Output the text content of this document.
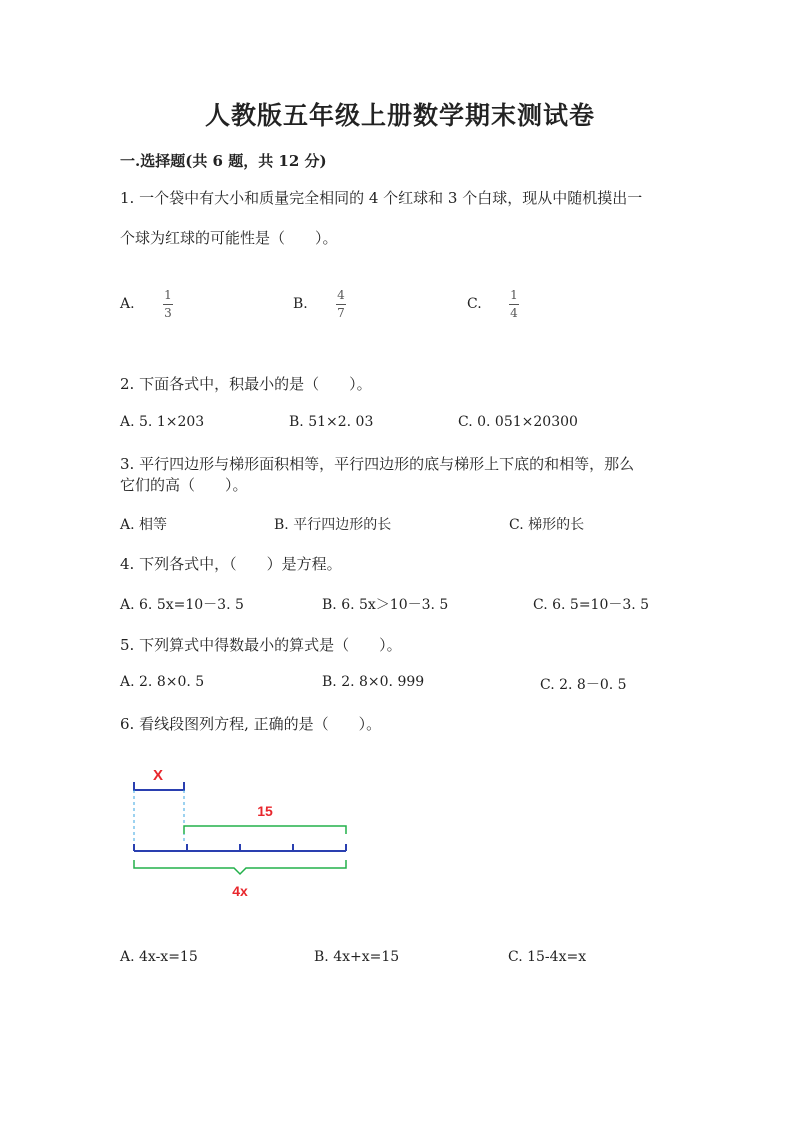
人教版五年级上册数学期末测试卷
一.选择题(共 6 题，共 12 分)
1. 一个袋中有大小和质量完全相同的 4 个红球和 3 个白球，现从中随机摸出一
个球为红球的可能性是（　　）。
A.
1
3
B.
4
7
C.
1
4
2. 下面各式中，积最小的是（　　）。
A. 5. 1×203	B. 51×2. 03	C. 0. 051×20300
3. 平行四边形与梯形面积相等，平行四边形的底与梯形上下底的和相等，那么
它们的高（　　）。
A. 相等	B. 平行四边形的长	C. 梯形的长
4. 下列各式中，（　　）是方程。
A. 6. 5x=10－3. 5	B. 6. 5x＞10－3. 5	C. 6. 5=10－3. 5
5. 下列算式中得数最小的算式是（　　）。
A. 2. 8×0. 5	B. 2. 8×0. 999	C. 2. 8－0. 5
6. 看线段图列方程, 正确的是（　　）。
X
15
4x
A. 4x-x=15	B. 4x+x=15	C. 15-4x=x
